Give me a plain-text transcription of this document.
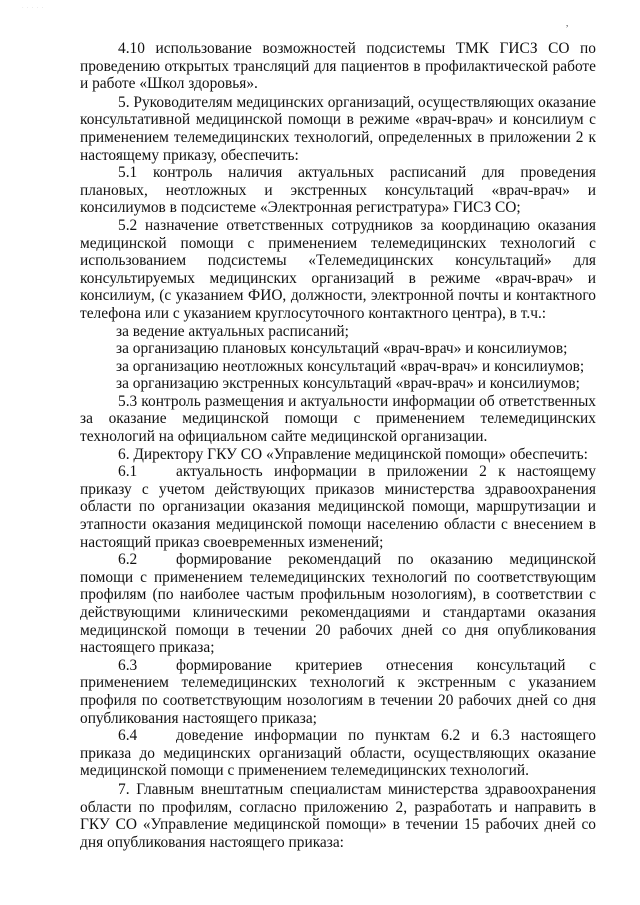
· · · · ·
,

4.10 использование возможностей подсистемы ТМК ГИСЗ СО по проведению открытых трансляций для пациентов в профилактической работе и работе «Школ здоровья».

5. Руководителям медицинских организаций, осуществляющих оказание консультативной медицинской помощи в режиме «врач-врач» и консилиум с применением телемедицинских технологий, определенных в приложении 2 к настоящему приказу, обеспечить:

5.1 контроль наличия актуальных расписаний для проведения плановых, неотложных и экстренных консультаций «врач-врач» и консилиумов в подсистеме «Электронная регистратура» ГИСЗ СО;

5.2 назначение ответственных сотрудников за координацию оказания медицинской помощи с применением телемедицинских технологий с использованием подсистемы «Телемедицинских консультаций» для консультируемых медицинских организаций в режиме «врач-врач» и консилиум, (с указанием ФИО, должности, электронной почты и контактного телефона или с указанием круглосуточного контактного центра), в т.ч.:

за ведение актуальных расписаний;

за организацию плановых консультаций «врач-врач» и консилиумов;

за организацию неотложных консультаций «врач-врач» и консилиумов;

за организацию экстренных консультаций «врач-врач» и консилиумов;

5.3 контроль размещения и актуальности информации об ответственных за оказание медицинской помощи с применением телемедицинских технологий на официальном сайте медицинской организации.

6. Директору ГКУ СО «Управление медицинской помощи» обеспечить:

6.1	актуальность информации в приложении 2 к настоящему приказу с учетом действующих приказов министерства здравоохранения области по организации оказания медицинской помощи, маршрутизации и этапности оказания медицинской помощи населению области с внесением в настоящий приказ своевременных изменений;

6.2	формирование рекомендаций по оказанию медицинской помощи с применением телемедицинских технологий по соответствующим профилям (по наиболее частым профильным нозологиям), в соответствии с действующими клиническими рекомендациями и стандартами оказания медицинской помощи в течении 20 рабочих дней со дня опубликования настоящего приказа;

6.3	формирование критериев отнесения консультаций с применением телемедицинских технологий к экстренным с указанием профиля по соответствующим нозологиям в течении 20 рабочих дней со дня опубликования настоящего приказа;

6.4	доведение информации по пунктам 6.2 и 6.3 настоящего приказа до медицинских организаций области, осуществляющих оказание медицинской помощи с применением телемедицинских технологий.

7. Главным внештатным специалистам министерства здравоохранения области по профилям, согласно приложению 2, разработать и направить в ГКУ СО «Управление медицинской помощи» в течении 15 рабочих дней со дня опубликования настоящего приказа:
